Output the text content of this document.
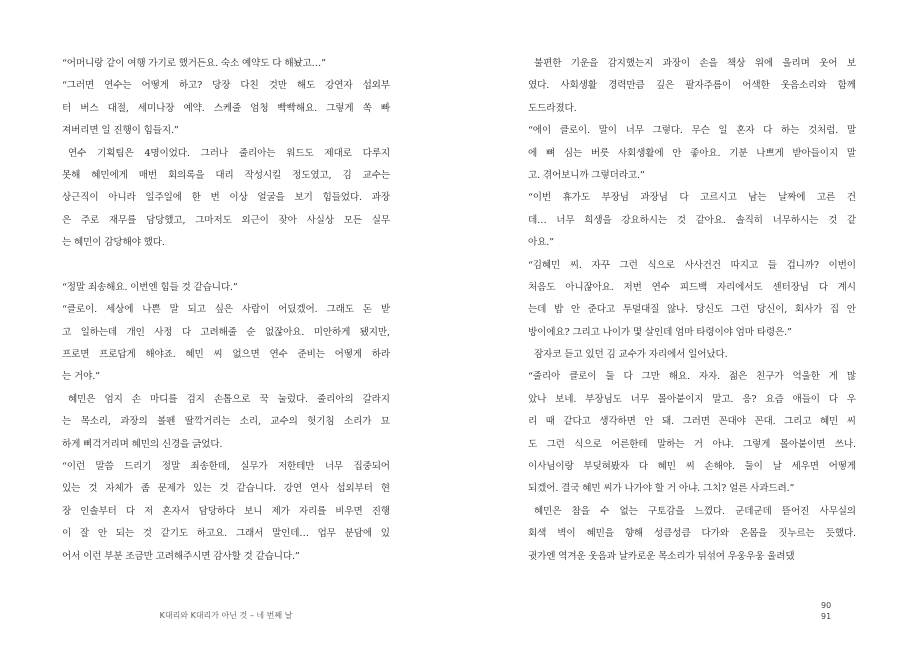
“어머니랑 같이 여행 가기로 했거든요. 숙소 예약도 다 해놨고…”
“그러면 연수는 어떻게 하고? 당장 다친 것만 해도 강연자 섭외부
터 버스 대절, 세미나장 예약. 스케줄 엄청 빡빡해요. 그렇게 쏙 빠
져버리면 일 진행이 힘들지.”
연수 기획팀은 4명이었다. 그러나 줄리아는 워드도 제대로 다루지
못해 혜민에게 매번 회의록을 대리 작성시킬 정도였고, 김 교수는
상근직이 아니라 일주일에 한 번 이상 얼굴을 보기 힘들었다. 과장
은 주로 재무를 담당했고, 그마저도 외근이 잦아 사실상 모든 실무
는 혜민이 감당해야 했다.
“정말 죄송해요. 이번엔 힘들 것 같습니다.”
“클로이. 세상에 나쁜 말 되고 싶은 사람이 어딨겠어. 그래도 돈 받
고 일하는데 개인 사정 다 고려해줄 순 없잖아요. 미안하게 됐지만,
프로면 프로답게 해야죠. 혜민 씨 없으면 연수 준비는 어떻게 하라
는 거야.”
혜민은 엄지 손 마디를 검지 손톱으로 꾹 눌렀다. 줄리아의 갈라지
는 목소리, 과장의 볼펜 딸깍거리는 소리, 교수의 헛기침 소리가 묘
하게 삐걱거리며 혜민의 신경을 긁었다.
“이런 말씀 드리기 정말 죄송한데, 실무가 저한테만 너무 집중되어
있는 것 자체가 좀 문제가 있는 것 같습니다. 강연 연사 섭외부터 현
장 인솔부터 다 저 혼자서 담당하다 보니 제가 자리를 비우면 진행
이 잘 안 되는 것 같기도 하고요. 그래서 말인데… 업무 분담에 있
어서 이런 부분 조금만 고려해주시면 감사할 것 같습니다.”
K대리와 K대리가 아닌 것 – 네 번째 날
불편한 기운을 감지했는지 과장이 손을 책상 위에 올리며 웃어 보
였다. 사회생활 경력만큼 깊은 팔자주름이 어색한 웃음소리와 함께
도드라졌다.
“에이 클로이. 말이 너무 그렇다. 무슨 일 혼자 다 하는 것처럼. 말
에 뼈 심는 버릇 사회생활에 안 좋아요. 기분 나쁘게 받아들이지 말
고. 겪어보니까 그렇더라고.”
“이번 휴가도 부장님 과장님 다 고르시고 남는 날짜에 고른 건
데… 너무 희생을 강요하시는 것 같아요. 솔직히 너무하시는 것 같
아요.”
“김혜민 씨. 자꾸 그런 식으로 사사건건 따지고 들 겁니까? 이번이
처음도 아니잖아요. 저번 연수 피드백 자리에서도 센터장님 다 계시
는데 밥 안 준다고 투덜대질 않나. 당신도 그런 당신이, 회사가 집 안
방이에요? 그리고 나이가 몇 살인데 엄마 타령이야 엄마 타령은.”
잠자코 듣고 있던 김 교수가 자리에서 일어났다.
“줄리아 클로이 둘 다 그만 해요. 자자. 젊은 친구가 억울한 게 많
았나 보네. 부장님도 너무 몰아붙이지 말고. 응? 요즘 애들이 다 우
리 때 같다고 생각하면 안 돼. 그러면 꼰대야 꼰대. 그리고 혜민 씨
도 그런 식으로 어른한테 말하는 거 아냐. 그렇게 몰아붙이면 쓰나.
이사님이랑 부딪혀봤자 다 혜민 씨 손해야. 둘이 날 세우면 어떻게
되겠어. 결국 혜민 씨가 나가야 할 거 아냐. 그치? 얼른 사과드려.”
혜민은 참을 수 없는 구토감을 느꼈다. 군데군데 뜯어진 사무실의
회색 벽이 혜민을 향해 성큼성큼 다가와 온몸을 짓누르는 듯했다.
귓가엔 역겨운 웃음과 날카로운 목소리가 뒤섞여 우웅우웅 울려댔
90
91
